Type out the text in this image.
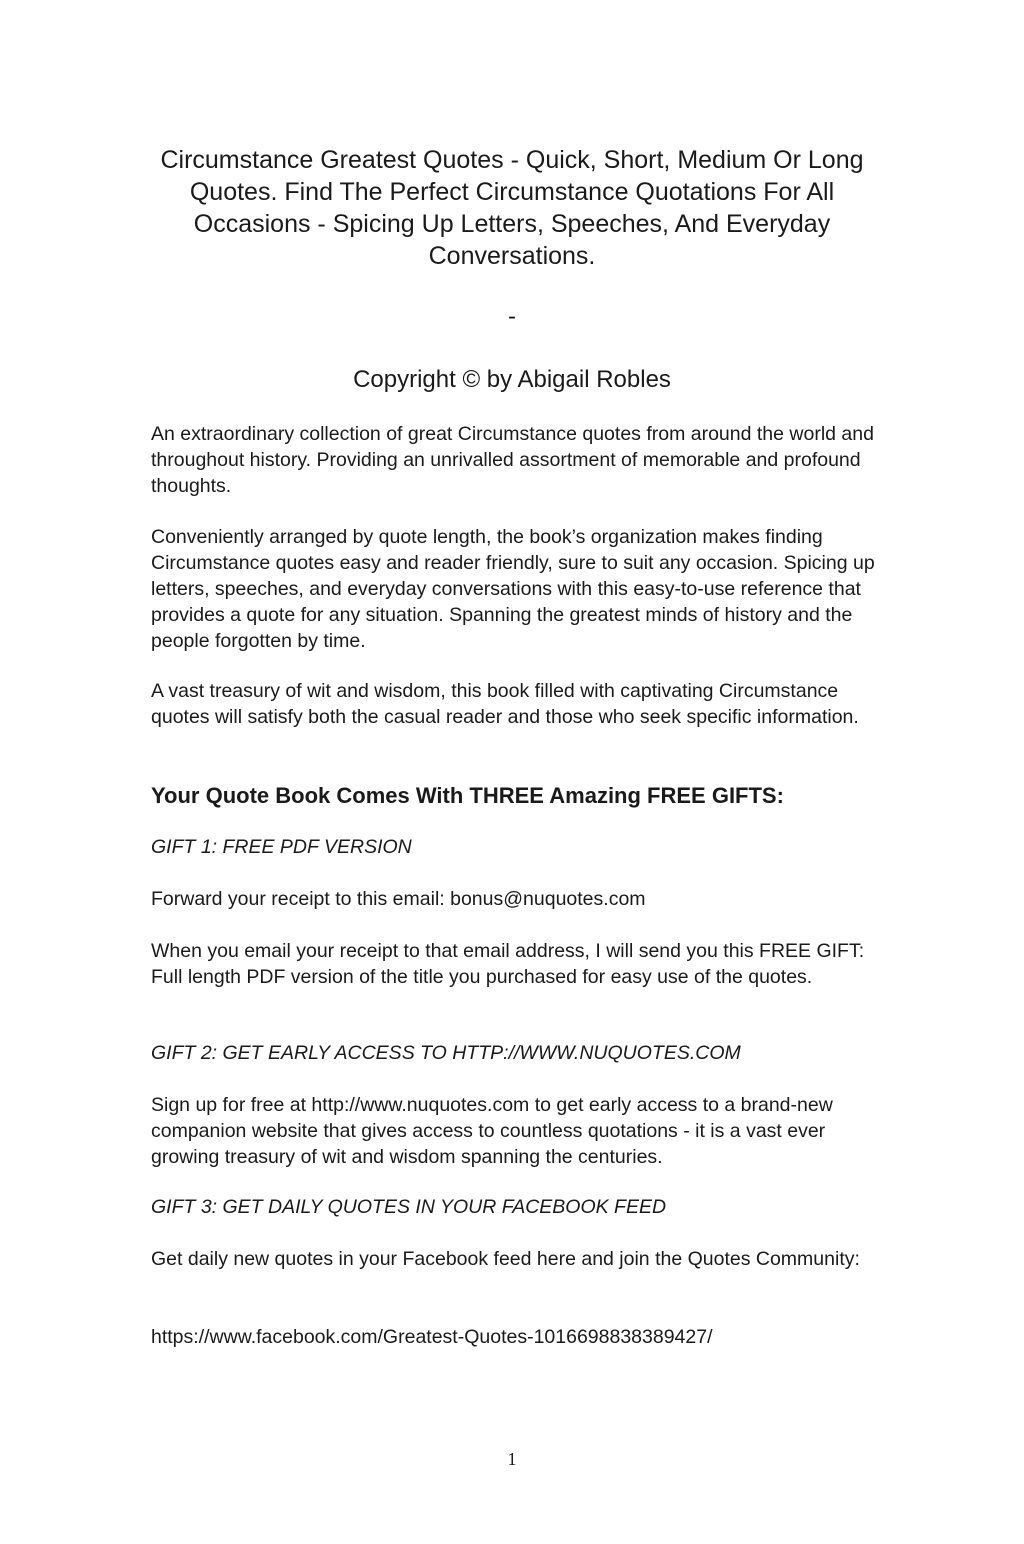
Circumstance Greatest Quotes - Quick, Short, Medium Or Long Quotes. Find The Perfect Circumstance Quotations For All Occasions - Spicing Up Letters, Speeches, And Everyday Conversations.
-
Copyright © by Abigail Robles

An extraordinary collection of great Circumstance quotes from around the world and throughout history. Providing an unrivalled assortment of memorable and profound thoughts.

Conveniently arranged by quote length, the book’s organization makes finding Circumstance quotes easy and reader friendly, sure to suit any occasion. Spicing up letters, speeches, and everyday conversations with this easy-to-use reference that provides a quote for any situation. Spanning the greatest minds of history and the people forgotten by time.

A vast treasury of wit and wisdom, this book filled with captivating Circumstance quotes will satisfy both the casual reader and those who seek specific information.

Your Quote Book Comes With THREE Amazing FREE GIFTS:

GIFT 1: FREE PDF VERSION

Forward your receipt to this email: bonus@nuquotes.com

When you email your receipt to that email address, I will send you this FREE GIFT: Full length PDF version of the title you purchased for easy use of the quotes.

GIFT 2: GET EARLY ACCESS TO HTTP://WWW.NUQUOTES.COM

Sign up for free at http://www.nuquotes.com to get early access to a brand-new companion website that gives access to countless quotations - it is a vast ever growing treasury of wit and wisdom spanning the centuries.

GIFT 3: GET DAILY QUOTES IN YOUR FACEBOOK FEED

Get daily new quotes in your Facebook feed here and join the Quotes Community:

https://www.facebook.com/Greatest-Quotes-1016698838389427/

1
